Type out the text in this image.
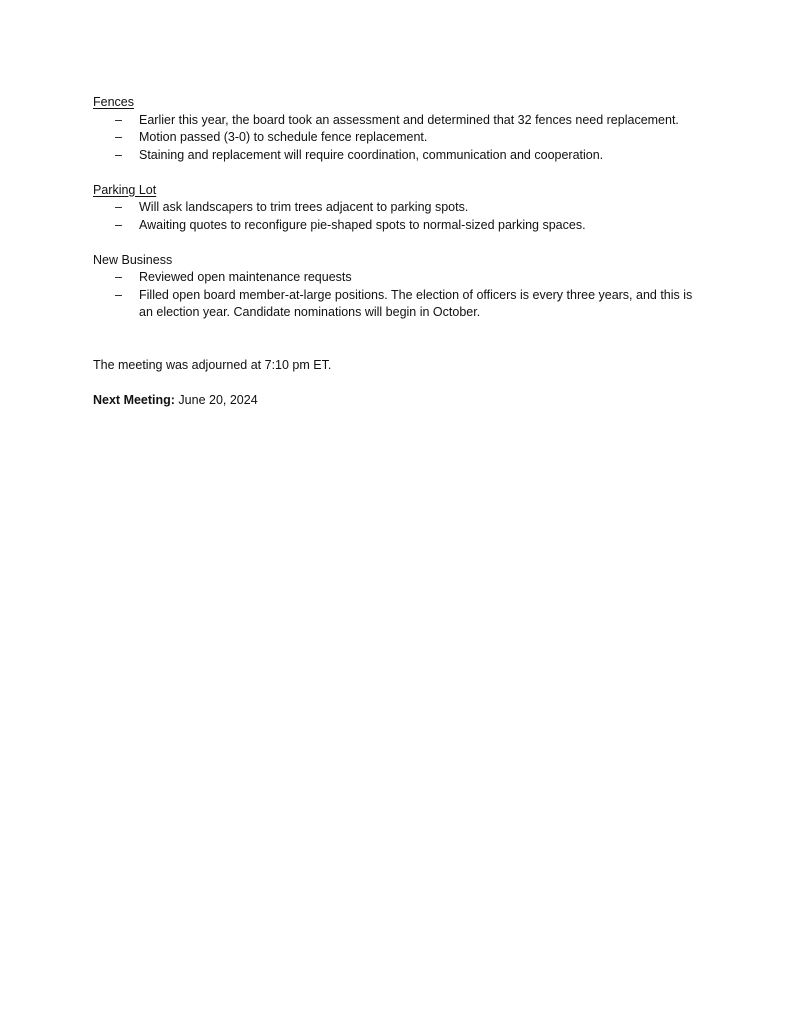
Fences

– Earlier this year, the board took an assessment and determined that 32 fences need replacement.
– Motion passed (3-0) to schedule fence replacement.
– Staining and replacement will require coordination, communication and cooperation.

Parking Lot

– Will ask landscapers to trim trees adjacent to parking spots.
– Awaiting quotes to reconfigure pie-shaped spots to normal-sized parking spaces.

New Business

– Reviewed open maintenance requests
– Filled open board member-at-large positions. The election of officers is every three years, and this is an election year. Candidate nominations will begin in October.

The meeting was adjourned at 7:10 pm ET.

Next Meeting: June 20, 2024
